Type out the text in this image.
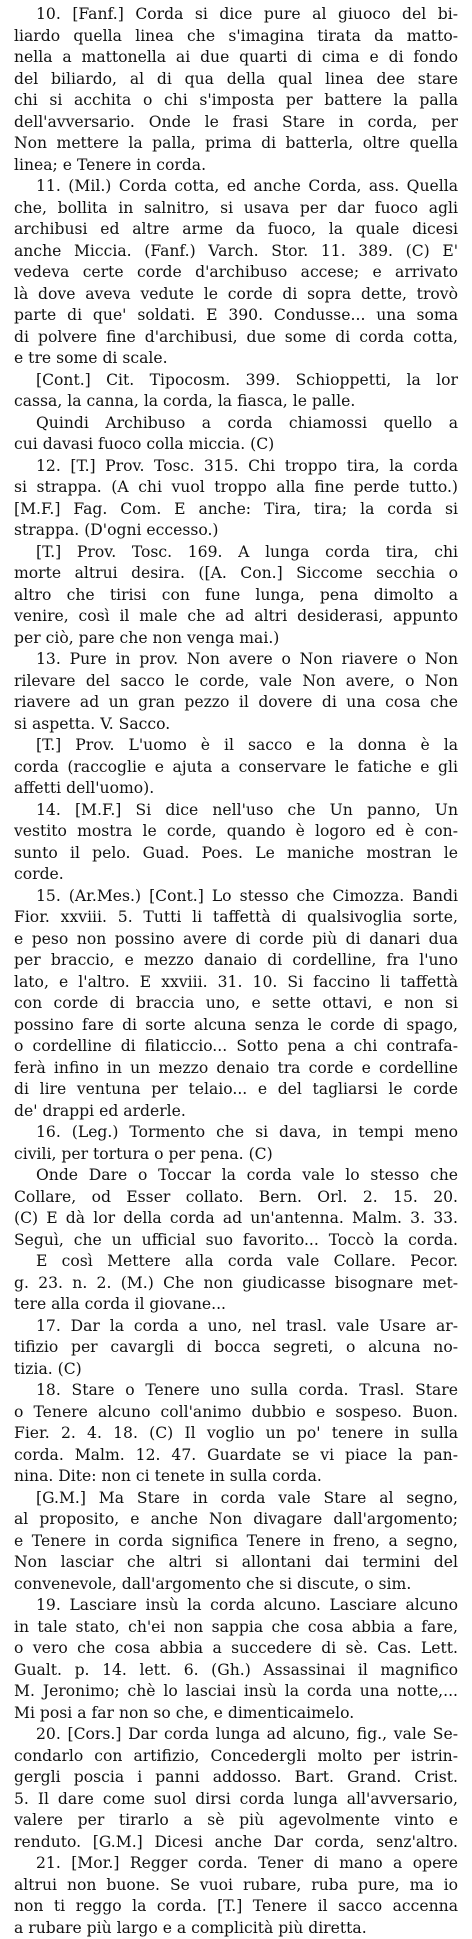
10. [Fanf.] Corda si dice pure al giuoco del bi-
liardo quella linea che s'imagina tirata da matto-
nella a mattonella ai due quarti di cima e di fondo
del biliardo, al di qua della qual linea dee stare
chi si acchita o chi s'imposta per battere la palla
dell'avversario. Onde le frasi Stare in corda, per
Non mettere la palla, prima di batterla, oltre quella
linea; e Tenere in corda.
11. (Mil.) Corda cotta, ed anche Corda, ass. Quella
che, bollita in salnitro, si usava per dar fuoco agli
archibusi ed altre arme da fuoco, la quale dicesi
anche Miccia. (Fanf.) Varch. Stor. 11. 389. (C) E'
vedeva certe corde d'archibuso accese; e arrivato
là dove aveva vedute le corde di sopra dette, trovò
parte di que' soldati. E 390. Condusse... una soma
di polvere fine d'archibusi, due some di corda cotta,
e tre some di scale.
[Cont.] Cit. Tipocosm. 399. Schioppetti, la lor
cassa, la canna, la corda, la fiasca, le palle.
Quindi Archibuso a corda chiamossi quello a
cui davasi fuoco colla miccia. (C)
12. [T.] Prov. Tosc. 315. Chi troppo tira, la corda
si strappa. (A chi vuol troppo alla fine perde tutto.)
[M.F.] Fag. Com. E anche: Tira, tira; la corda si
strappa. (D'ogni eccesso.)
[T.] Prov. Tosc. 169. A lunga corda tira, chi
morte altrui desira. ([A. Con.] Siccome secchia o
altro che tirisi con fune lunga, pena dimolto a
venire, così il male che ad altri desiderasi, appunto
per ciò, pare che non venga mai.)
13. Pure in prov. Non avere o Non riavere o Non
rilevare del sacco le corde, vale Non avere, o Non
riavere ad un gran pezzo il dovere di una cosa che
si aspetta. V. Sacco.
[T.] Prov. L'uomo è il sacco e la donna è la
corda (raccoglie e ajuta a conservare le fatiche e gli
affetti dell'uomo).
14. [M.F.] Si dice nell'uso che Un panno, Un
vestito mostra le corde, quando è logoro ed è con-
sunto il pelo. Guad. Poes. Le maniche mostran le
corde.
15. (Ar.Mes.) [Cont.] Lo stesso che Cimozza. Bandi
Fior. xxviii. 5. Tutti li taffettà di qualsivoglia sorte,
e peso non possino avere di corde più di danari dua
per braccio, e mezzo danaio di cordelline, fra l'uno
lato, e l'altro. E xxviii. 31. 10. Si faccino li taffettà
con corde di braccia uno, e sette ottavi, e non si
possino fare di sorte alcuna senza le corde di spago,
o cordelline di filaticcio... Sotto pena a chi contrafa-
ferà infino in un mezzo denaio tra corde e cordelline
di lire ventuna per telaio... e del tagliarsi le corde
de' drappi ed arderle.
16. (Leg.) Tormento che si dava, in tempi meno
civili, per tortura o per pena. (C)
Onde Dare o Toccar la corda vale lo stesso che
Collare, od Esser collato. Bern. Orl. 2. 15. 20.
(C) E dà lor della corda ad un'antenna. Malm. 3. 33.
Seguì, che un ufficial suo favorito... Toccò la corda.
E così Mettere alla corda vale Collare. Pecor.
g. 23. n. 2. (M.) Che non giudicasse bisognare met-
tere alla corda il giovane...
17. Dar la corda a uno, nel trasl. vale Usare ar-
tifizio per cavargli di bocca segreti, o alcuna no-
tizia. (C)
18. Stare o Tenere uno sulla corda. Trasl. Stare
o Tenere alcuno coll'animo dubbio e sospeso. Buon.
Fier. 2. 4. 18. (C) Il voglio un po' tenere in sulla
corda. Malm. 12. 47. Guardate se vi piace la pan-
nina. Dite: non ci tenete in sulla corda.
[G.M.] Ma Stare in corda vale Stare al segno,
al proposito, e anche Non divagare dall'argomento;
e Tenere in corda significa Tenere in freno, a segno,
Non lasciar che altri si allontani dai termini del
convenevole, dall'argomento che si discute, o sim.
19. Lasciare insù la corda alcuno. Lasciare alcuno
in tale stato, ch'ei non sappia che cosa abbia a fare,
o vero che cosa abbia a succedere di sè. Cas. Lett.
Gualt. p. 14. lett. 6. (Gh.) Assassinai il magnifico
M. Jeronimo; chè lo lasciai insù la corda una notte,...
Mi posi a far non so che, e dimenticaimelo.
20. [Cors.] Dar corda lunga ad alcuno, fig., vale Se-
condarlo con artifizio, Concedergli molto per istrin-
gergli poscia i panni addosso. Bart. Grand. Crist.
5. Il dare come suol dirsi corda lunga all'avversario,
valere per tirarlo a sè più agevolmente vinto e
renduto. [G.M.] Dicesi anche Dar corda, senz'altro.
21. [Mor.] Regger corda. Tener di mano a opere
altrui non buone. Se vuoi rubare, ruba pure, ma io
non ti reggo la corda. [T.] Tenere il sacco accenna
a rubare più largo e a complicità più diretta.
